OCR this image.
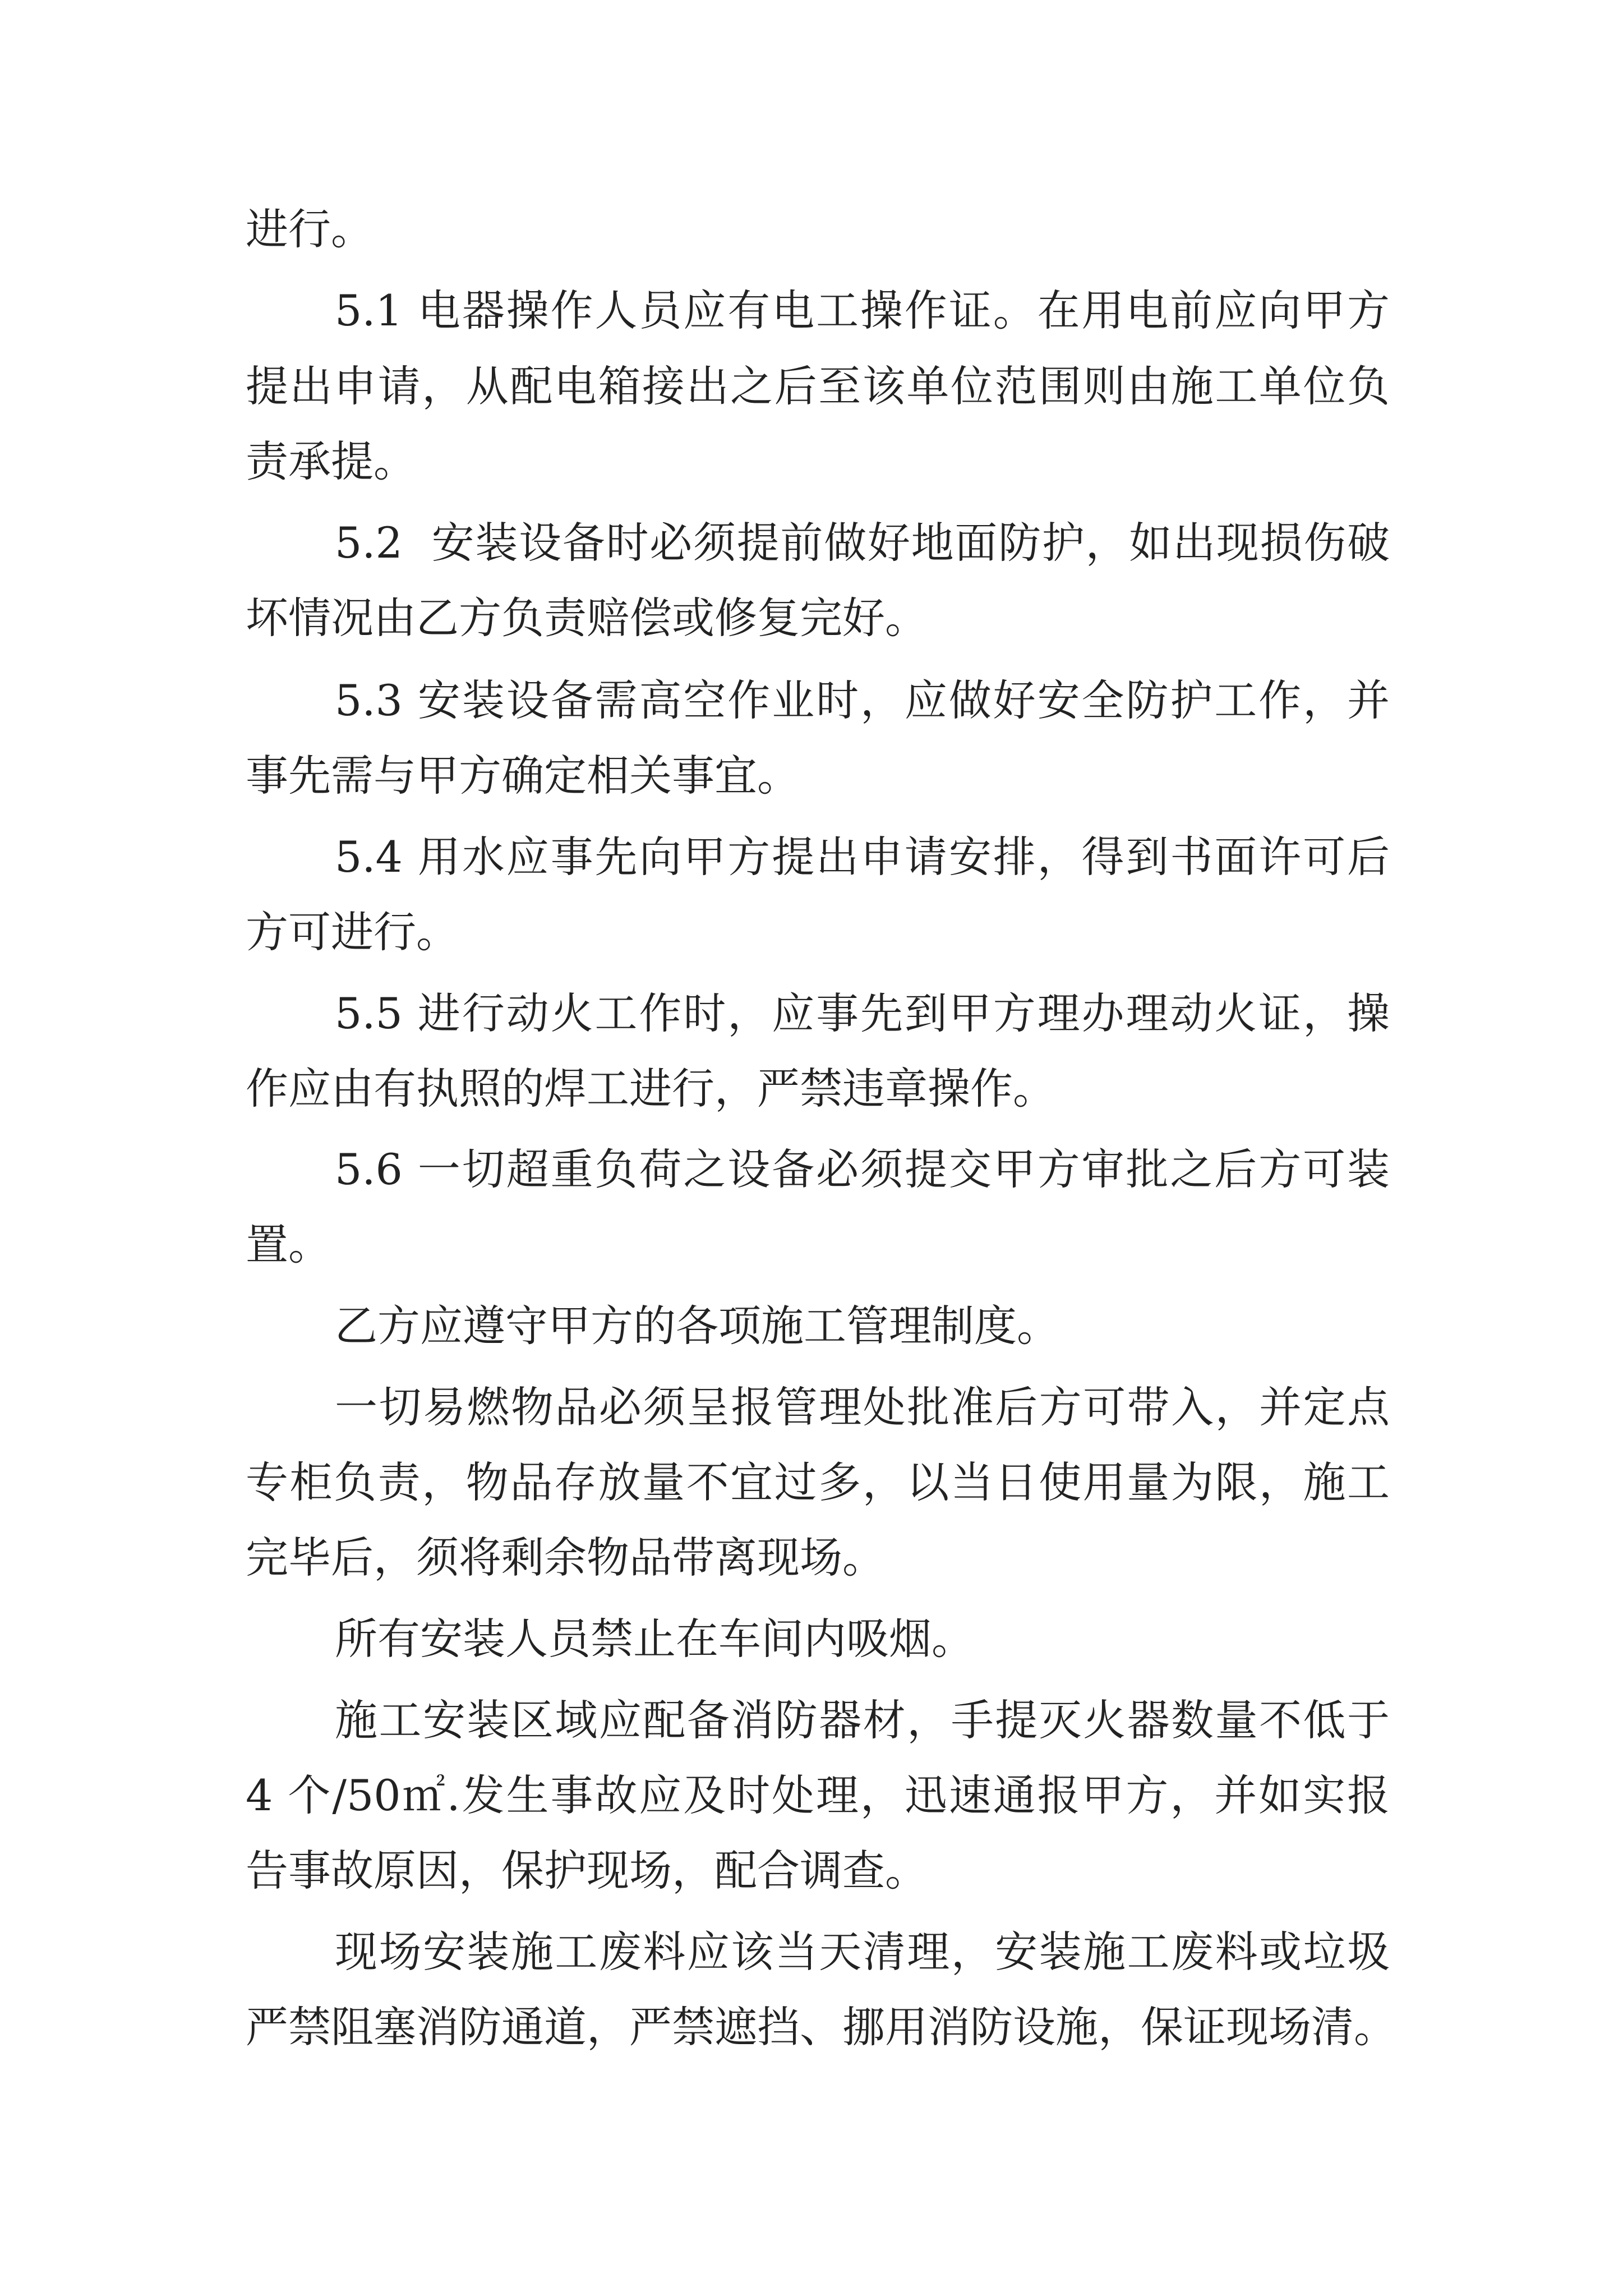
进行。
5.1 电器操作人员应有电工操作证。在用电前应向甲方
提出申请，从配电箱接出之后至该单位范围则由施工单位负
责承提。
5.2  安装设备时必须提前做好地面防护，如出现损伤破
坏情况由乙方负责赔偿或修复完好。
5.3 安装设备需高空作业时，应做好安全防护工作，并
事先需与甲方确定相关事宜。
5.4 用水应事先向甲方提出申请安排，得到书面许可后
方可进行。
5.5 进行动火工作时，应事先到甲方理办理动火证，操
作应由有执照的焊工进行，严禁违章操作。
5.6 一切超重负荷之设备必须提交甲方审批之后方可装
置。
乙方应遵守甲方的各项施工管理制度。
一切易燃物品必须呈报管理处批准后方可带入，并定点
专柜负责，物品存放量不宜过多，以当日使用量为限，施工
完毕后，须将剩余物品带离现场。
所有安装人员禁止在车间内吸烟。
施工安装区域应配备消防器材，手提灭火器数量不低于
4 个/50㎡.发生事故应及时处理，迅速通报甲方，并如实报
告事故原因，保护现场，配合调查。
现场安装施工废料应该当天清理，安装施工废料或垃圾
严禁阻塞消防通道，严禁遮挡、挪用消防设施，保证现场清。
